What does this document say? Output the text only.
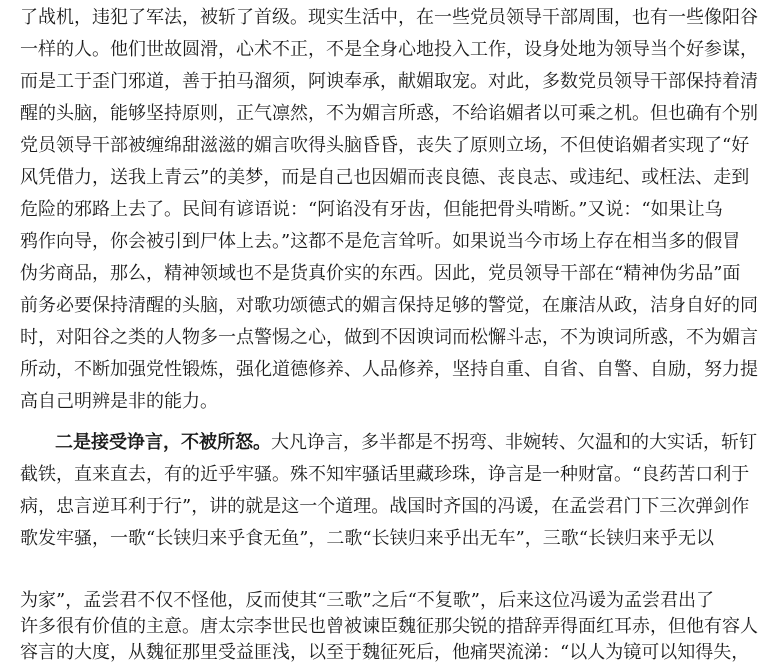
了战机，违犯了军法，被斩了首级。现实生活中，在一些党员领导干部周围，也有一些像阳谷
一样的人。他们世故圆滑，心术不正，不是全身心地投入工作，设身处地为领导当个好参谋，
而是工于歪门邪道，善于拍马溜须，阿谀奉承，献媚取宠。对此，多数党员领导干部保持着清
醒的头脑，能够坚持原则，正气凛然，不为媚言所惑，不给谄媚者以可乘之机。但也确有个别
党员领导干部被缠绵甜滋滋的媚言吹得头脑昏昏，丧失了原则立场，不但使谄媚者实现了“好
风凭借力，送我上青云”的美梦，而是自己也因媚而丧良德、丧良志、或违纪、或枉法、走到
危险的邪路上去了。民间有谚语说：“阿谄没有牙齿，但能把骨头啃断。”又说：“如果让乌
鸦作向导，你会被引到尸体上去。”这都不是危言耸听。如果说当今市场上存在相当多的假冒
伪劣商品，那么，精神领域也不是货真价实的东西。因此，党员领导干部在“精神伪劣品”面
前务必要保持清醒的头脑，对歌功颂德式的媚言保持足够的警觉，在廉洁从政，洁身自好的同
时，对阳谷之类的人物多一点警惕之心，做到不因谀词而松懈斗志，不为谀词所惑，不为媚言
所动，不断加强党性锻炼，强化道德修养、人品修养，坚持自重、自省、自警、自励，努力提
高自己明辨是非的能力。
二是接受诤言，不被所怒。大凡诤言，多半都是不拐弯、非婉转、欠温和的大实话，斩钉
截铁，直来直去，有的近乎牢骚。殊不知牢骚话里藏珍珠，诤言是一种财富。“良药苦口利于
病，忠言逆耳利于行”，讲的就是这一个道理。战国时齐国的冯谖，在孟尝君门下三次弹剑作
歌发牢骚，一歌“长铗归来乎食无鱼”，二歌“长铗归来乎出无车”，三歌“长铗归来乎无以
为家”，孟尝君不仅不怪他，反而使其“三歌”之后“不复歌”，后来这位冯谖为孟尝君出了
许多很有价值的主意。唐太宗李世民也曾被谏臣魏征那尖锐的措辞弄得面红耳赤，但他有容人
容言的大度，从魏征那里受益匪浅，以至于魏征死后，他痛哭流涕：“以人为镜可以知得失，
